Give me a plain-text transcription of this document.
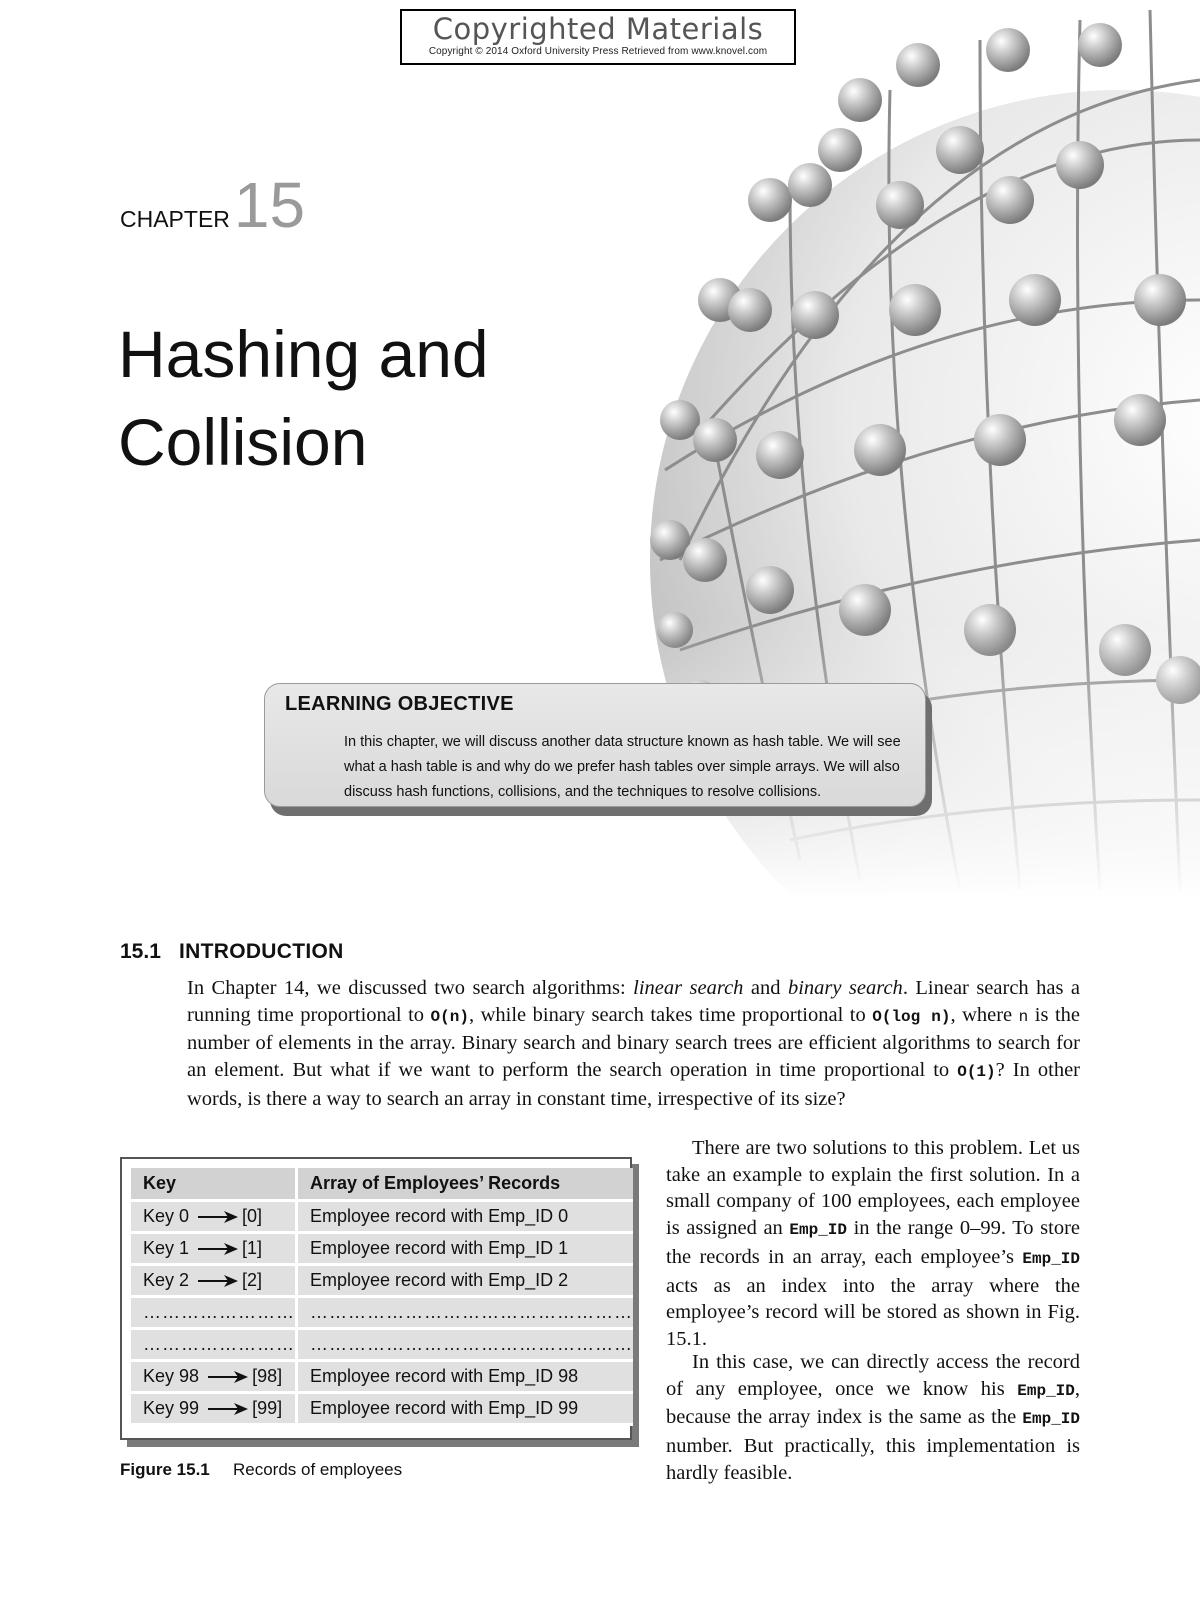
Copyrighted Materials
Copyright © 2014 Oxford University Press Retrieved from www.knovel.com
CHAPTER15
Hashing and
Collision
LEARNING OBJECTIVE
In this chapter, we will discuss another data structure known as hash table. We will see what a hash table is and why do we prefer hash tables over simple arrays. We will also discuss hash functions, collisions, and the techniques to resolve collisions.
15.1 INTRODUCTION
In Chapter 14, we discussed two search algorithms: linear search and binary search. Linear search has a running time proportional to O(n), while binary search takes time proportional to O(log n), where n is the number of elements in the array. Binary search and binary search trees are efficient algorithms to search for an element. But what if we want to perform the search operation in time proportional to O(1)? In other words, is there a way to search an array in constant time, irrespective of its size?
Key	Array of Employees’ Records
Key 0 [0]	Employee record with Emp_ID 0
Key 1 [1]	Employee record with Emp_ID 1
Key 2 [2]	Employee record with Emp_ID 2
……………………	……………………………………………
……………………	……………………………………………
Key 98 [98]	Employee record with Emp_ID 98
Key 99 [99]	Employee record with Emp_ID 99
Figure 15.1 Records of employees
There are two solutions to this problem. Let us take an example to explain the first solution. In a small company of 100 employees, each employee is assigned an Emp_ID in the range 0–99. To store the records in an array, each employee’s Emp_ID acts as an index into the array where the employee’s record will be stored as shown in Fig. 15.1.
In this case, we can directly access the record of any employee, once we know his Emp_ID, because the array index is the same as the Emp_ID number. But practically, this implementation is hardly feasible.
